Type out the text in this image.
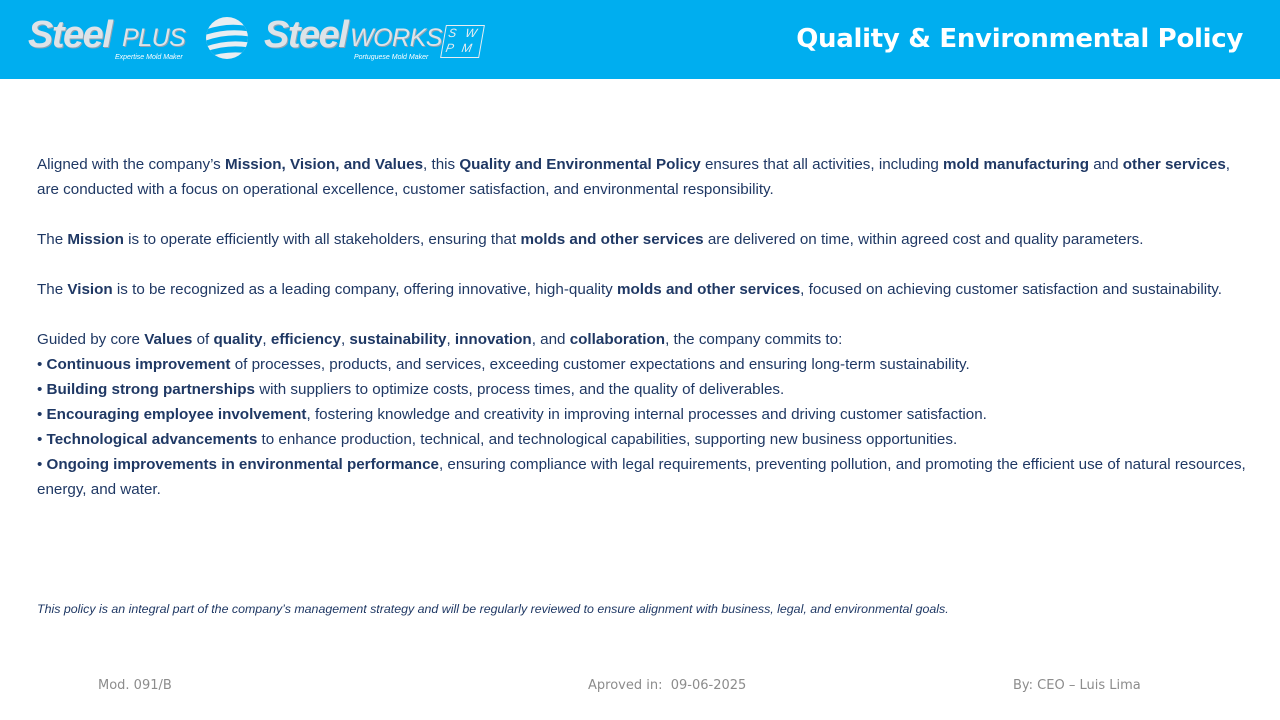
Steel PLUS
Expertise Mold Maker
Steel WORKS
Portuguese Mold Maker
S W
P M	Quality & Environmental Policy

Aligned with the company’s Mission, Vision, and Values, this Quality and Environmental Policy ensures that all activities, including mold manufacturing and other services, are conducted with a focus on operational excellence, customer satisfaction, and environmental responsibility.

The Mission is to operate efficiently with all stakeholders, ensuring that molds and other services are delivered on time, within agreed cost and quality parameters.

The Vision is to be recognized as a leading company, offering innovative, high-quality molds and other services, focused on achieving customer satisfaction and sustainability.

Guided by core Values of quality, efficiency, sustainability, innovation, and collaboration, the company commits to:

• Continuous improvement of processes, products, and services, exceeding customer expectations and ensuring long-term sustainability.

• Building strong partnerships with suppliers to optimize costs, process times, and the quality of deliverables.

• Encouraging employee involvement, fostering knowledge and creativity in improving internal processes and driving customer satisfaction.

• Technological advancements to enhance production, technical, and technological capabilities, supporting new business opportunities.

• Ongoing improvements in environmental performance, ensuring compliance with legal requirements, preventing pollution, and promoting the efficient use of natural resources, energy, and water.

This policy is an integral part of the company’s management strategy and will be regularly reviewed to ensure alignment with business, legal, and environmental goals.

Mod. 091/B	Aproved in:  09-06-2025	By: CEO – Luis Lima
